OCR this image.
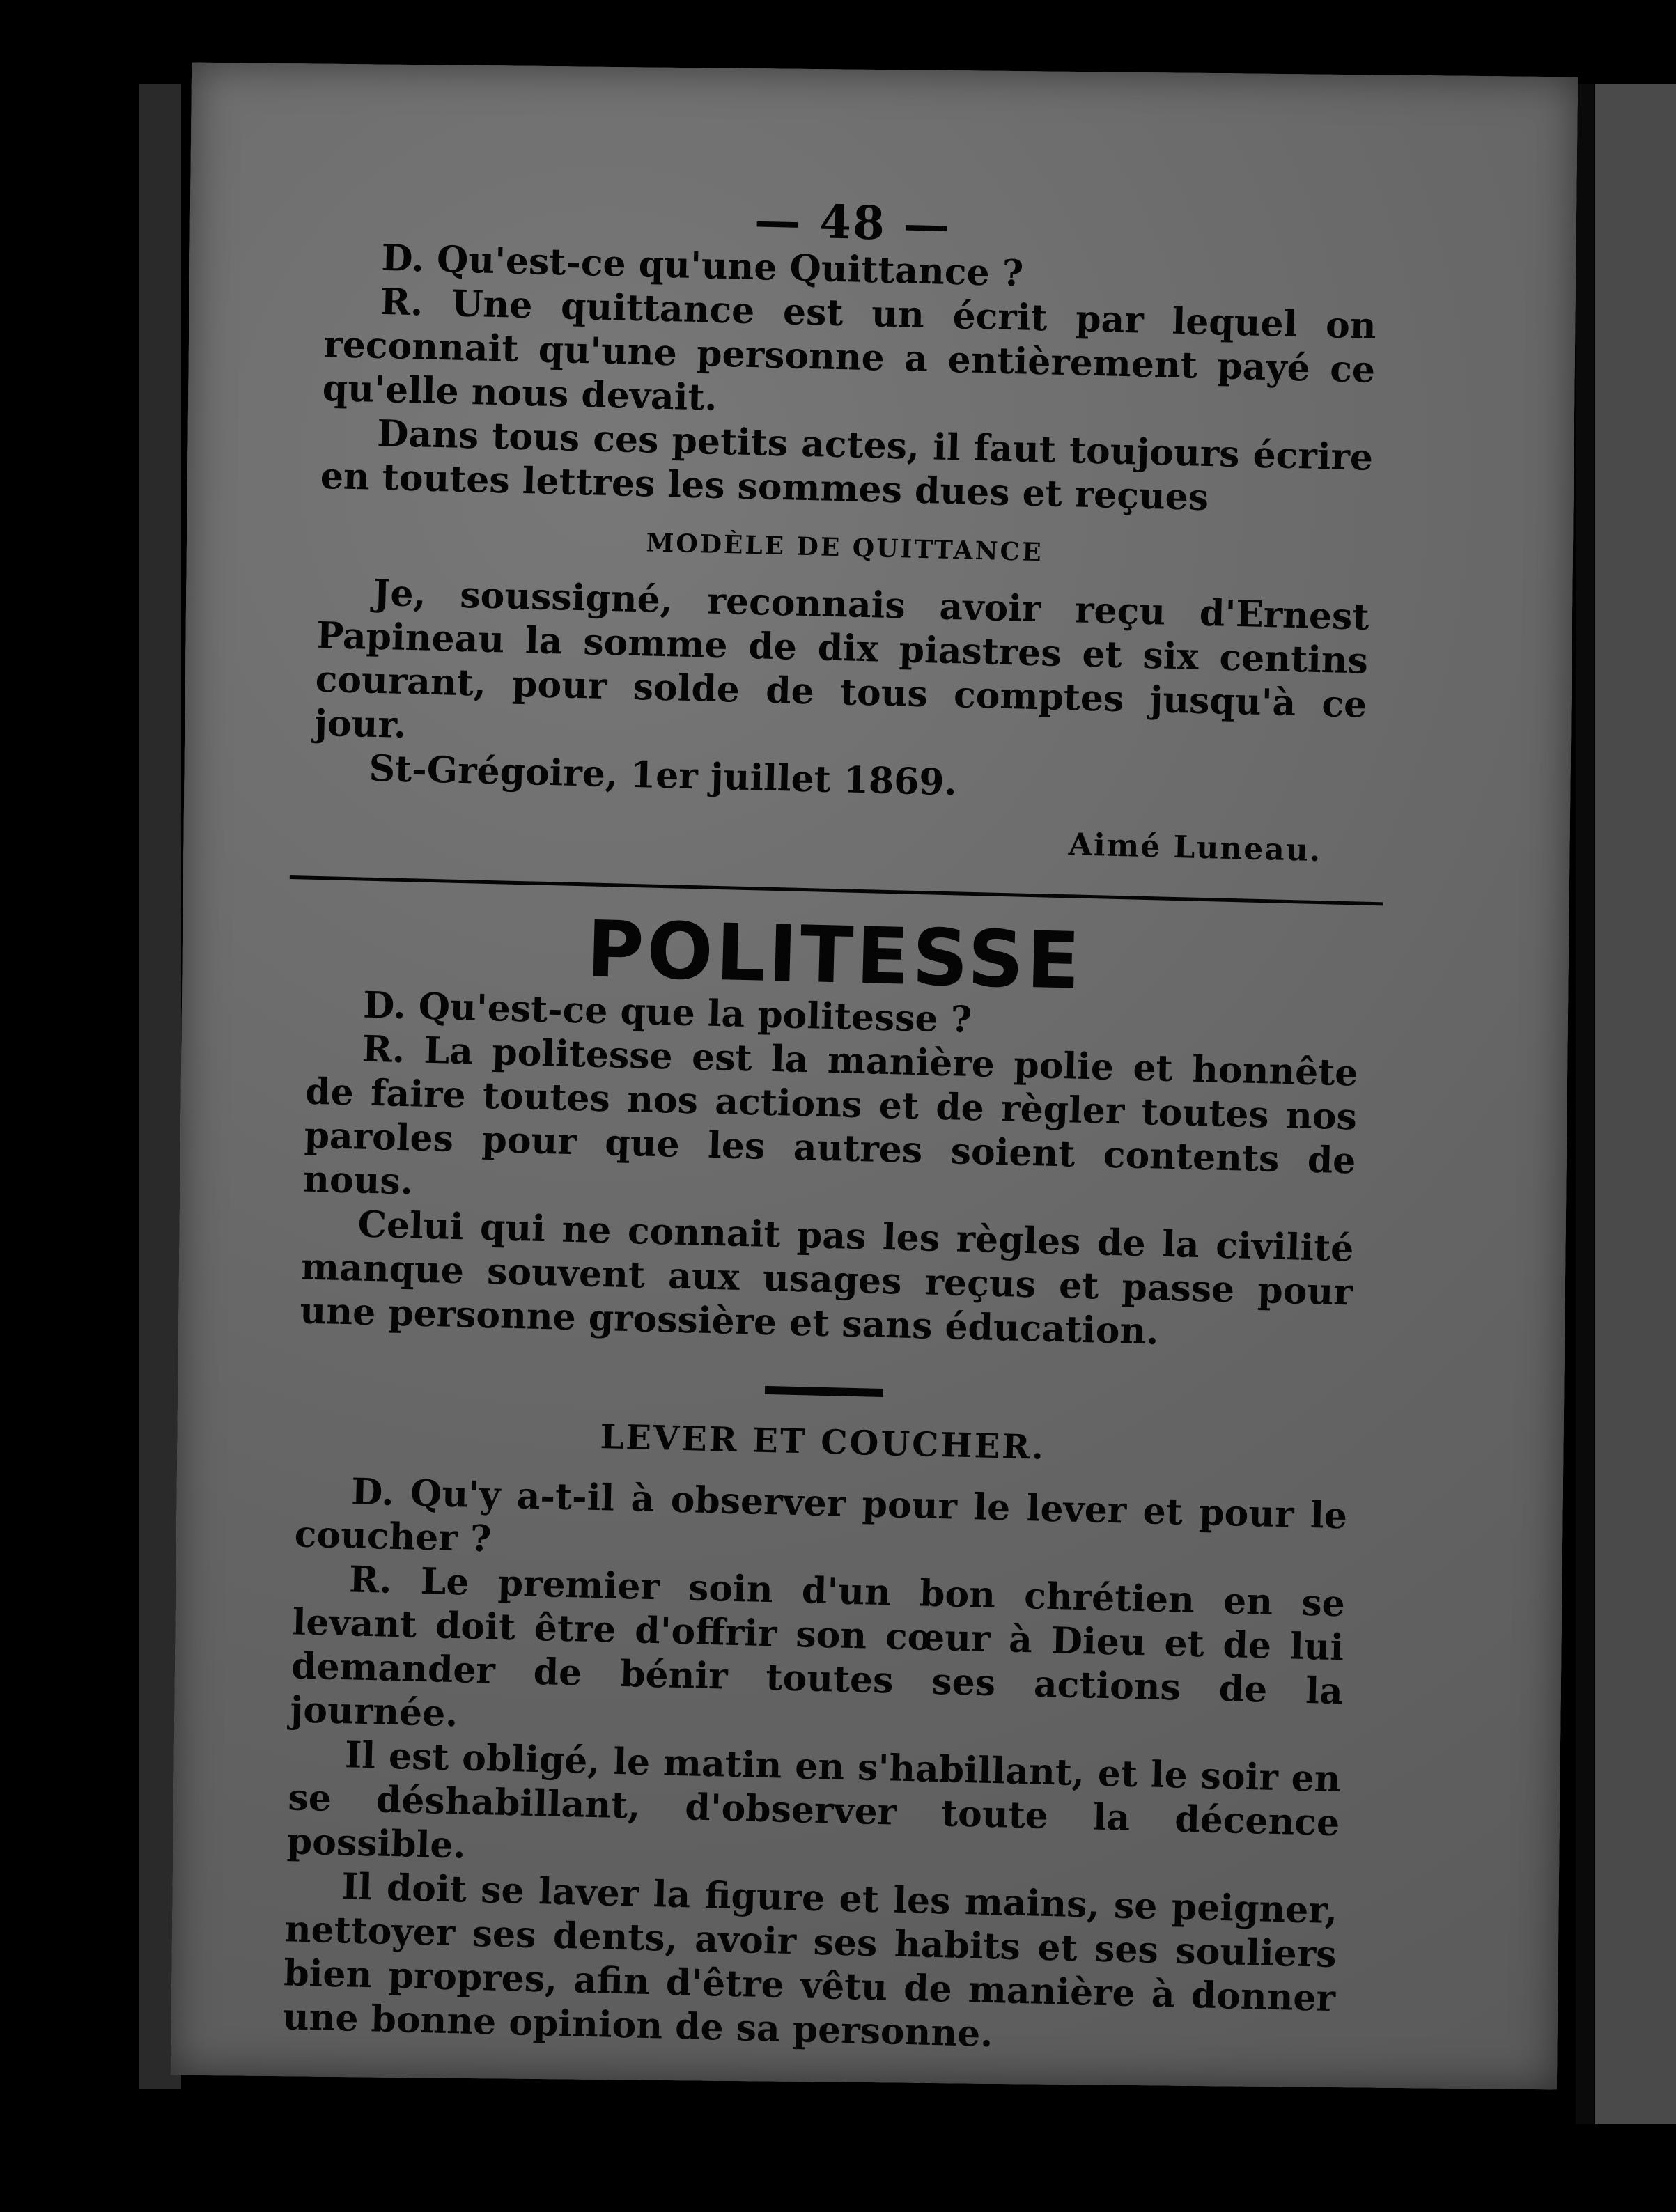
— 48 —

D. Qu'est-ce qu'une Quittance ?

R. Une quittance est un écrit par lequel on reconnait qu'une personne a entièrement payé ce qu'elle nous devait.

Dans tous ces petits actes, il faut toujours écrire en toutes lettres les sommes dues et reçues

MODÈLE DE QUITTANCE

Je, soussigné, reconnais avoir reçu d'Ernest Papineau la somme de dix piastres et six centins courant, pour solde de tous comptes jusqu'à ce jour.

St-Grégoire, 1er juillet 1869.

Aimé Luneau.
POLITESSE

D. Qu'est-ce que la politesse ?

R. La politesse est la manière polie et honnête de faire toutes nos actions et de règler toutes nos paroles pour que les autres soient contents de nous.

Celui qui ne connait pas les règles de la civilité manque souvent aux usages reçus et passe pour une personne grossière et sans éducation.

LEVER ET COUCHER.

D. Qu'y a-t-il à observer pour le lever et pour le coucher ?

R. Le premier soin d'un bon chrétien en se levant doit être d'offrir son cœur à Dieu et de lui demander de bénir toutes ses actions de la journée.

Il est obligé, le matin en s'habillant, et le soir en se déshabillant, d'observer toute la décence possible.

Il doit se laver la figure et les mains, se peigner, nettoyer ses dents, avoir ses habits et ses souliers bien propres, afin d'être vêtu de manière à donner une bonne opinion de sa personne.
